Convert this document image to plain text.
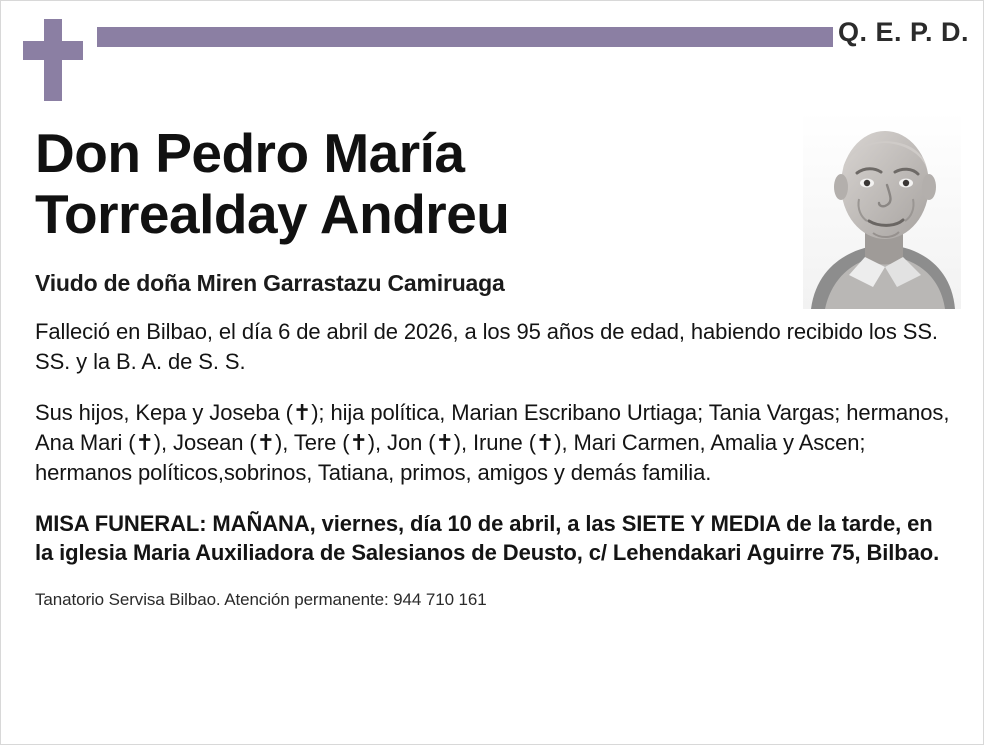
Q. E. P. D.
Don Pedro María Torrealday Andreu
Viudo de doña Miren Garrastazu Camiruaga

Falleció en Bilbao, el día 6 de abril de 2026, a los 95 años de edad, habiendo recibido los SS. SS. y la B. A. de S. S.

Sus hijos, Kepa y Joseba (✝); hija política, Marian Escribano Urtiaga; Tania Vargas; hermanos, Ana Mari (✝), Josean (✝), Tere (✝), Jon (✝), Irune (✝), Mari Carmen, Amalia y Ascen; hermanos políticos,sobrinos, Tatiana, primos, amigos y demás familia.

MISA FUNERAL: MAÑANA, viernes, día 10 de abril, a las SIETE Y MEDIA de la tarde, en la iglesia Maria Auxiliadora de Salesianos de Deusto, c/ Lehendakari Aguirre 75, Bilbao.

Tanatorio Servisa Bilbao. Atención permanente: 944 710 161
